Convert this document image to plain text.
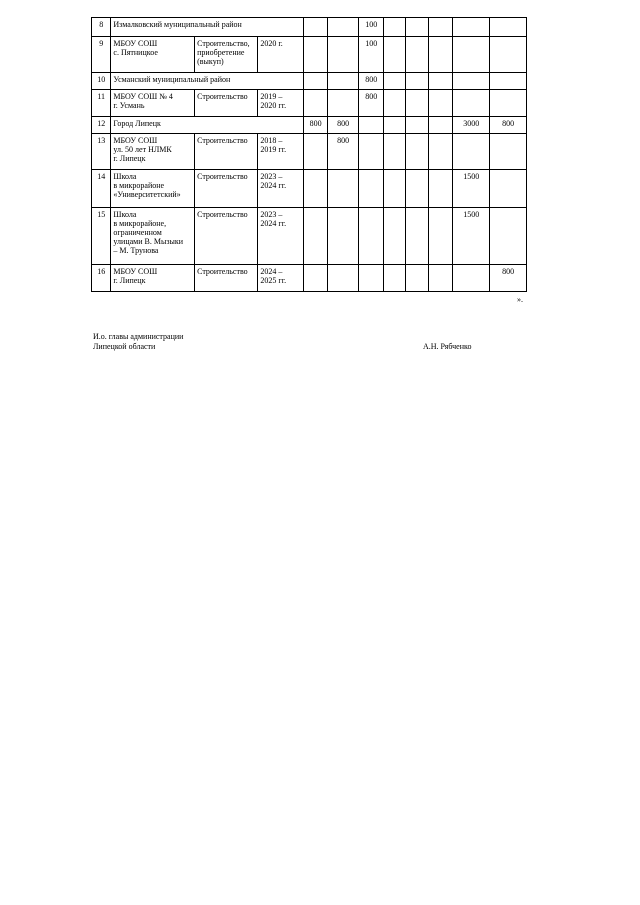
8	Измалковский муниципальный район					100					
9	МБОУ СОШ
с. Пятницкое	Строительство,
приобретение
(выкуп)	2020 г.			100					
10	Усманский муниципальный район					800					
11	МБОУ СОШ № 4
г. Усмань	Строительство	2019 –
2020 гг.			800					
12	Город Липецк			800	800					3000	800
13	МБОУ СОШ
ул. 50 лет НЛМК
г. Липецк	Строительство	2018 –
2019 гг.		800						
14	Школа
в микрорайоне
«Университетский»	Строительство	2023 –
2024 гг.							1500	
15	Школа
в микрорайоне,
ограниченном
улицами В. Мызыки
– М. Трунова	Строительство	2023 –
2024 гг.							1500	
16	МБОУ СОШ
г. Липецк	Строительство	2024 –
2025 гг.								800
».
И.о. главы администрации
Липецкой области	А.Н. Рябченко
